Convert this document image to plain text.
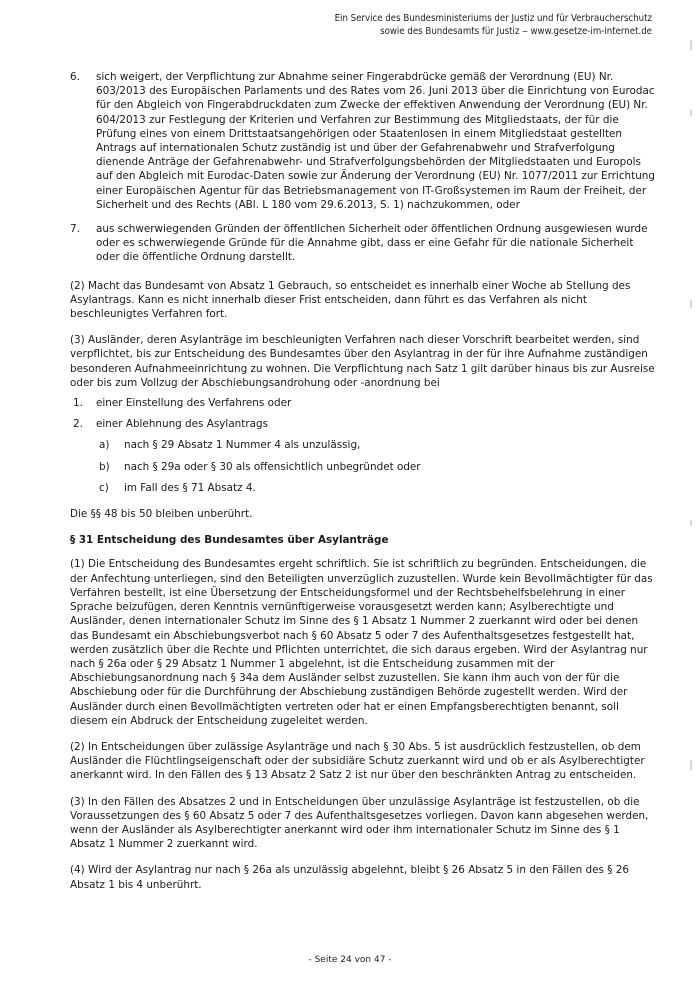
Ein Service des Bundesministeriums der Justiz und für Verbraucherschutz
sowie des Bundesamts für Justiz ‒ www.gesetze-im-internet.de
6. sich weigert, der Verpflichtung zur Abnahme seiner Fingerabdrücke gemäß der Verordnung (EU) Nr. 603/2013 des Europäischen Parlaments und des Rates vom 26. Juni 2013 über die Einrichtung von Eurodac für den Abgleich von Fingerabdruckdaten zum Zwecke der effektiven Anwendung der Verordnung (EU) Nr. 604/2013 zur Festlegung der Kriterien und Verfahren zur Bestimmung des Mitgliedstaats, der für die Prüfung eines von einem Drittstaatsangehörigen oder Staatenlosen in einem Mitgliedstaat gestellten Antrags auf internationalen Schutz zuständig ist und über der Gefahrenabwehr und Strafverfolgung dienende Anträge der Gefahrenabwehr- und Strafverfolgungsbehörden der Mitgliedstaaten und Europols auf den Abgleich mit Eurodac-Daten sowie zur Änderung der Verordnung (EU) Nr. 1077/2011 zur Errichtung einer Europäischen Agentur für das Betriebsmanagement von IT-Großsystemen im Raum der Freiheit, der Sicherheit und des Rechts (ABl. L 180 vom 29.6.2013, S. 1) nachzukommen, oder
7. aus schwerwiegenden Gründen der öffentlichen Sicherheit oder öffentlichen Ordnung ausgewiesen wurde oder es schwerwiegende Gründe für die Annahme gibt, dass er eine Gefahr für die nationale Sicherheit oder die öffentliche Ordnung darstellt.

(2) Macht das Bundesamt von Absatz 1 Gebrauch, so entscheidet es innerhalb einer Woche ab Stellung des Asylantrags. Kann es nicht innerhalb dieser Frist entscheiden, dann führt es das Verfahren als nicht beschleunigtes Verfahren fort.

(3) Ausländer, deren Asylanträge im beschleunigten Verfahren nach dieser Vorschrift bearbeitet werden, sind verpflichtet, bis zur Entscheidung des Bundesamtes über den Asylantrag in der für ihre Aufnahme zuständigen besonderen Aufnahmeeinrichtung zu wohnen. Die Verpflichtung nach Satz 1 gilt darüber hinaus bis zur Ausreise oder bis zum Vollzug der Abschiebungsandrohung oder -anordnung bei

1. einer Einstellung des Verfahrens oder
2. einer Ablehnung des Asylantrags
a) nach § 29 Absatz 1 Nummer 4 als unzulässig,
b) nach § 29a oder § 30 als offensichtlich unbegründet oder
c) im Fall des § 71 Absatz 4.

Die §§ 48 bis 50 bleiben unberührt.

§ 31 Entscheidung des Bundesamtes über Asylanträge

(1) Die Entscheidung des Bundesamtes ergeht schriftlich. Sie ist schriftlich zu begründen. Entscheidungen, die der Anfechtung unterliegen, sind den Beteiligten unverzüglich zuzustellen. Wurde kein Bevollmächtigter für das Verfahren bestellt, ist eine Übersetzung der Entscheidungsformel und der Rechtsbehelfsbelehrung in einer Sprache beizufügen, deren Kenntnis vernünftigerweise vorausgesetzt werden kann; Asylberechtigte und Ausländer, denen internationaler Schutz im Sinne des § 1 Absatz 1 Nummer 2 zuerkannt wird oder bei denen das Bundesamt ein Abschiebungsverbot nach § 60 Absatz 5 oder 7 des Aufenthaltsgesetzes festgestellt hat, werden zusätzlich über die Rechte und Pflichten unterrichtet, die sich daraus ergeben. Wird der Asylantrag nur nach § 26a oder § 29 Absatz 1 Nummer 1 abgelehnt, ist die Entscheidung zusammen mit der Abschiebungsanordnung nach § 34a dem Ausländer selbst zuzustellen. Sie kann ihm auch von der für die Abschiebung oder für die Durchführung der Abschiebung zuständigen Behörde zugestellt werden. Wird der Ausländer durch einen Bevollmächtigten vertreten oder hat er einen Empfangsberechtigten benannt, soll diesem ein Abdruck der Entscheidung zugeleitet werden.

(2) In Entscheidungen über zulässige Asylanträge und nach § 30 Abs. 5 ist ausdrücklich festzustellen, ob dem Ausländer die Flüchtlingseigenschaft oder der subsidiäre Schutz zuerkannt wird und ob er als Asylberechtigter anerkannt wird. In den Fällen des § 13 Absatz 2 Satz 2 ist nur über den beschränkten Antrag zu entscheiden.

(3) In den Fällen des Absatzes 2 und in Entscheidungen über unzulässige Asylanträge ist festzustellen, ob die Voraussetzungen des § 60 Absatz 5 oder 7 des Aufenthaltsgesetzes vorliegen. Davon kann abgesehen werden, wenn der Ausländer als Asylberechtigter anerkannt wird oder ihm internationaler Schutz im Sinne des § 1 Absatz 1 Nummer 2 zuerkannt wird.

(4) Wird der Asylantrag nur nach § 26a als unzulässig abgelehnt, bleibt § 26 Absatz 5 in den Fällen des § 26 Absatz 1 bis 4 unberührt.

- Seite 24 von 47 -
